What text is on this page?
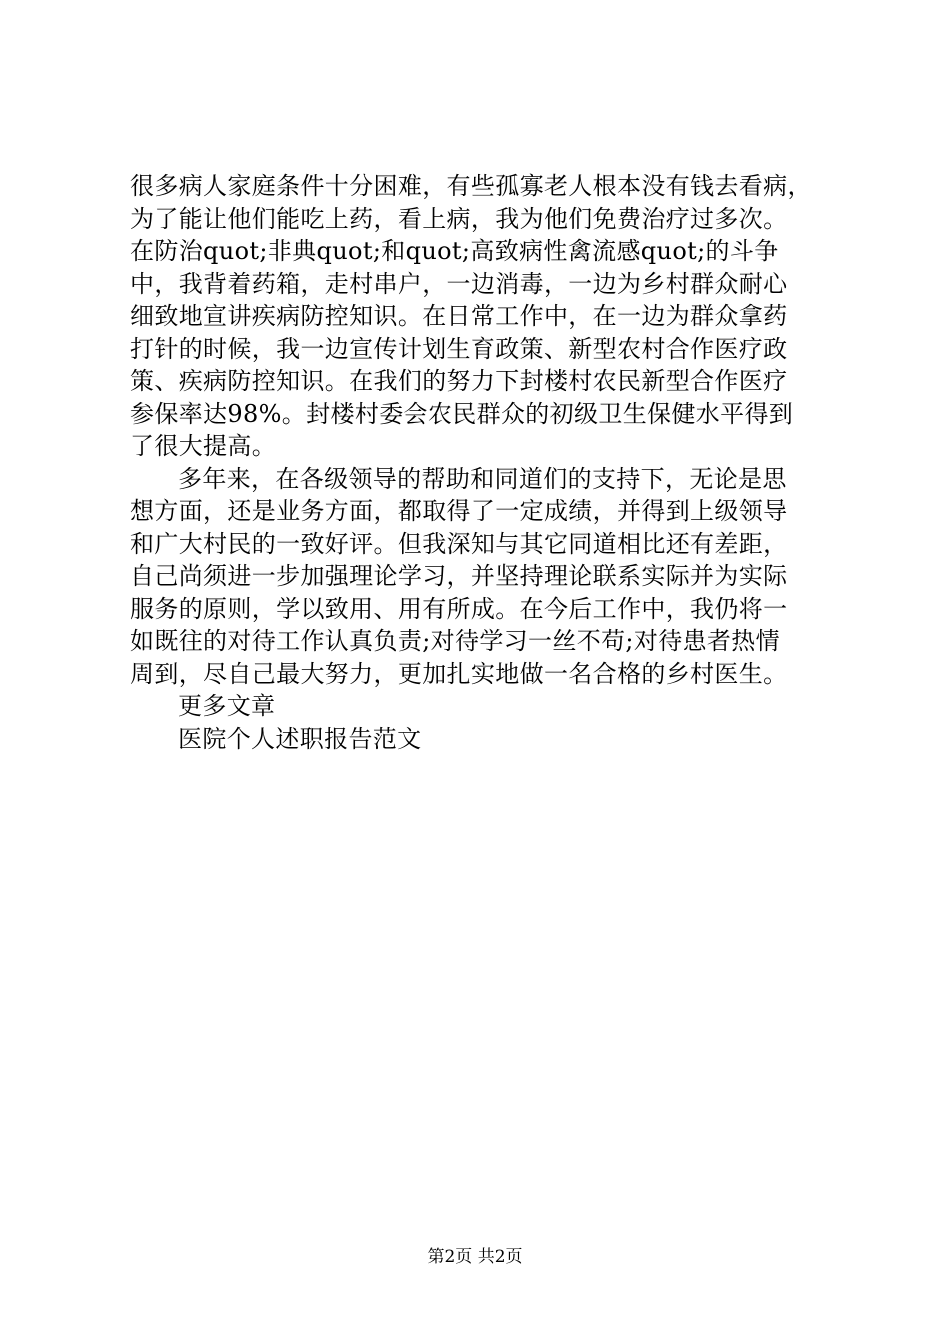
很多病人家庭条件十分困难，有些孤寡老人根本没有钱去看病，
为了能让他们能吃上药，看上病，我为他们免费治疗过多次。
在防治quot;非典quot;和quot;高致病性禽流感quot;的斗争
中，我背着药箱，走村串户，一边消毒，一边为乡村群众耐心
细致地宣讲疾病防控知识。在日常工作中，在一边为群众拿药
打针的时候，我一边宣传计划生育政策、新型农村合作医疗政
策、疾病防控知识。在我们的努力下封楼村农民新型合作医疗
参保率达98%。封楼村委会农民群众的初级卫生保健水平得到
了很大提高。
多年来，在各级领导的帮助和同道们的支持下，无论是思
想方面，还是业务方面，都取得了一定成绩，并得到上级领导
和广大村民的一致好评。但我深知与其它同道相比还有差距，
自己尚须进一步加强理论学习，并坚持理论联系实际并为实际
服务的原则，学以致用、用有所成。在今后工作中，我仍将一
如既往的对待工作认真负责;对待学习一丝不苟;对待患者热情
周到，尽自己最大努力，更加扎实地做一名合格的乡村医生。
更多文章
医院个人述职报告范文
第2页 共2页
